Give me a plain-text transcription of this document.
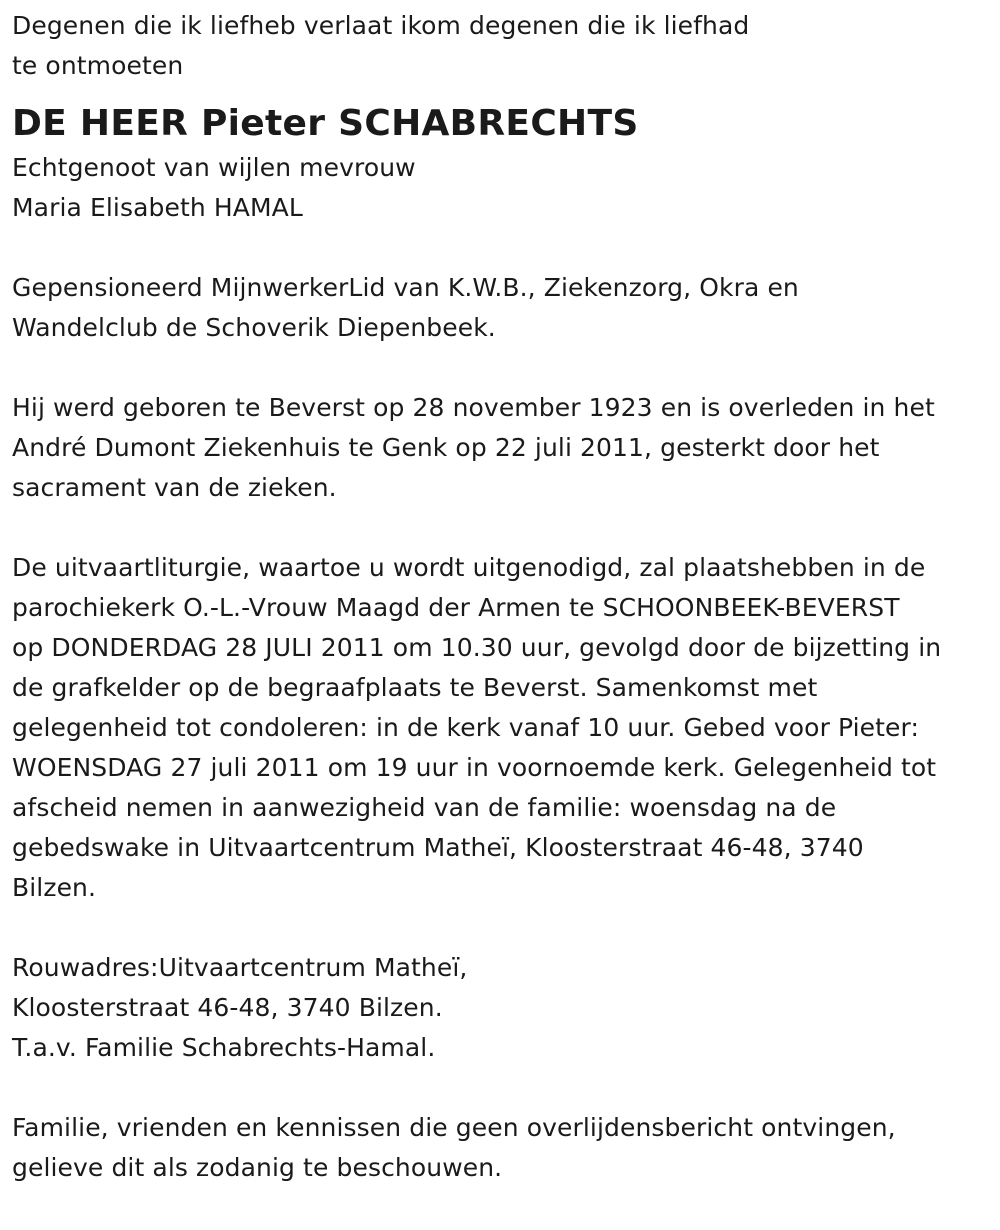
Degenen die ik liefheb verlaat ikom degenen die ik liefhad
te ontmoeten

DE HEER Pieter SCHABRECHTS

Echtgenoot van wijlen mevrouw
Maria Elisabeth HAMAL

Gepensioneerd MijnwerkerLid van K.W.B., Ziekenzorg, Okra en
Wandelclub de Schoverik Diepenbeek.

Hij werd geboren te Beverst op 28 november 1923 en is overleden in het
André Dumont Ziekenhuis te Genk op 22 juli 2011, gesterkt door het
sacrament van de zieken.

De uitvaartliturgie, waartoe u wordt uitgenodigd, zal plaatshebben in de
parochiekerk O.-L.-Vrouw Maagd der Armen te SCHOONBEEK-BEVERST
op DONDERDAG 28 JULI 2011 om 10.30 uur, gevolgd door de bijzetting in
de grafkelder op de begraafplaats te Beverst. Samenkomst met
gelegenheid tot condoleren: in de kerk vanaf 10 uur. Gebed voor Pieter:
WOENSDAG 27 juli 2011 om 19 uur in voornoemde kerk. Gelegenheid tot
afscheid nemen in aanwezigheid van de familie: woensdag na de
gebedswake in Uitvaartcentrum Matheï, Kloosterstraat 46-48, 3740
Bilzen.

Rouwadres:Uitvaartcentrum Matheï,
Kloosterstraat 46-48, 3740 Bilzen.
T.a.v. Familie Schabrechts-Hamal.

Familie, vrienden en kennissen die geen overlijdensbericht ontvingen,
gelieve dit als zodanig te beschouwen.
